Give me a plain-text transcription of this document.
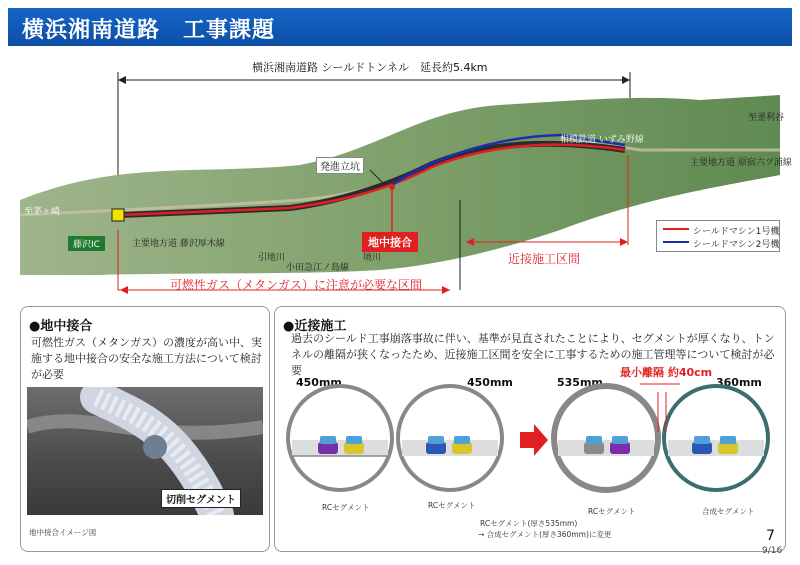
横浜湘南道路　工事課題
横浜湘南道路 シールドトンネル　延長約5.4km
発進立坑
藤沢IC	地中接合
可燃性ガス（メタンガス）に注意が必要な区間
近接施工区間
主要地方道 藤沢厚木線
引地川
小田急江ノ島線
境川
至茅ヶ崎
至釜利谷
主要地方道 原宿六ツ浦線
相模鉄道 いずみ野線
シールドマシン1号機
シールドマシン2号機
●地中接合
可燃性ガス（メタンガス）の濃度が高い中、実施する地中接合の安全な施工方法について検討が必要
切削セグメント
地中接合イメージ図
●近接施工
過去のシールド工事崩落事故に伴い、基準が見直されたことにより、セグメントが厚くなり、トンネルの離隔が狭くなったため、近接施工区間を安全に工事するための施工管理等について検討が必要
450mm	450mm	535mm	360mm
最小離隔 約40cm
RCセグメント	RCセグメント
RCセグメント	合成セグメント
RCセグメント(厚さ535mm)
→ 合成セグメント(厚さ360mm)に変更	7
9/16
